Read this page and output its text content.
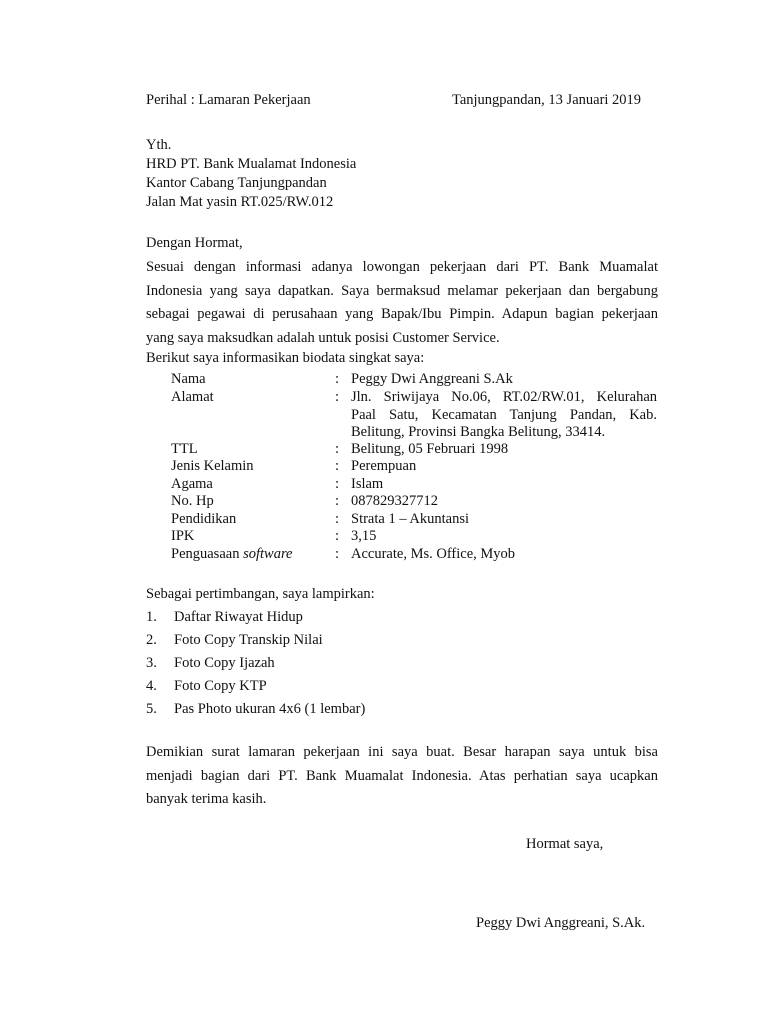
Perihal : Lamaran Pekerjaan	Tanjungpandan, 13 Januari 2019
Yth.
HRD PT. Bank Mualamat Indonesia
Kantor Cabang Tanjungpandan
Jalan Mat yasin RT.025/RW.012
Dengan Hormat,
Sesuai dengan informasi adanya lowongan pekerjaan dari PT. Bank Muamalat
Indonesia yang saya dapatkan. Saya bermaksud melamar pekerjaan dan bergabung
sebagai pegawai di perusahaan yang Bapak/Ibu Pimpin. Adapun bagian pekerjaan
yang saya maksudkan adalah untuk posisi Customer Service.
Berikut saya informasikan biodata singkat saya:
Nama	: Peggy Dwi Anggreani S.Ak
Alamat	: Jln. Sriwijaya No.06, RT.02/RW.01, Kelurahan
Paal Satu, Kecamatan Tanjung Pandan, Kab.
Belitung, Provinsi Bangka Belitung, 33414.
TTL	: Belitung, 05 Februari 1998
Jenis Kelamin	: Perempuan
Agama	: Islam
No. Hp	: 087829327712
Pendidikan	: Strata 1 – Akuntansi
IPK	: 3,15
Penguasaan software	: Accurate, Ms. Office, Myob
Sebagai pertimbangan, saya lampirkan:
1. Daftar Riwayat Hidup
2. Foto Copy Transkip Nilai
3. Foto Copy Ijazah
4. Foto Copy KTP
5. Pas Photo ukuran 4x6 (1 lembar)
Demikian surat lamaran pekerjaan ini saya buat. Besar harapan saya untuk bisa
menjadi bagian dari PT. Bank Muamalat Indonesia. Atas perhatian saya ucapkan
banyak terima kasih.
Hormat saya,
Peggy Dwi Anggreani, S.Ak.
